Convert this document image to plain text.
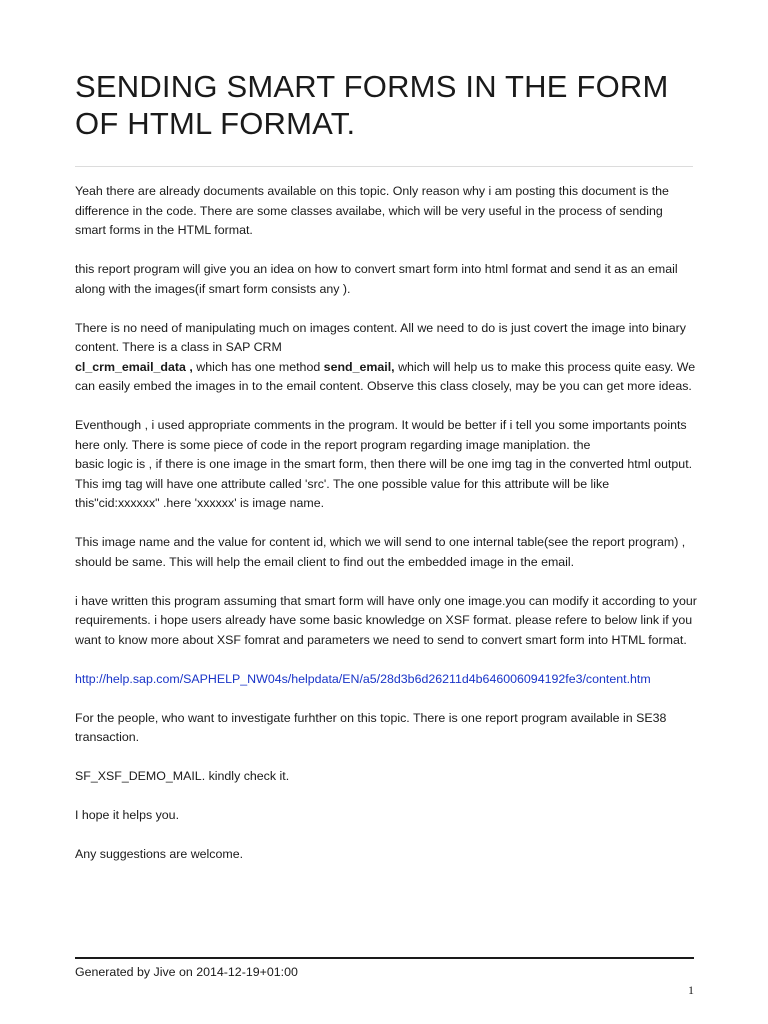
SENDING SMART FORMS IN THE FORM OF HTML FORMAT.

Yeah there are already documents available on this topic. Only reason why i am posting this document is the difference in the code. There are some classes availabe, which will be very useful in the process of sending smart forms in the HTML format.

this report program will give you an idea on how to convert smart form into html format and send it as an email along with the images(if smart form consists any ).

There is no need of manipulating much on images content. All we need to do is just covert the image into binary content. There is a class in SAP CRM
cl_crm_email_data , which has one method send_email, which will help us to make this process quite easy. We can easily embed the images in to the email content. Observe this class closely, may be you can get more ideas.

Eventhough , i used appropriate comments in the program. It would be better if i tell you some importants points here only. There is some piece of code in the report program regarding image maniplation. the
basic logic is , if there is one image in the smart form, then there will be one img tag in the converted html output. This img tag will have one attribute called 'src'. The one possible value for this attribute will be like this"cid:xxxxxx" .here 'xxxxxx' is image name.

This image name and the value for content id, which we will send to one internal table(see the report program) , should be same. This will help the email client to find out the embedded image in the email.

i have written this program assuming that smart form will have only one image.you can modify it according to your requirements. i hope users already have some basic knowledge on XSF format. please refere to below link if you want to know more about XSF fomrat and parameters we need to send to convert smart form into HTML format.

http://help.sap.com/SAPHELP_NW04s/helpdata/EN/a5/28d3b6d26211d4b646006094192fe3/content.htm

For the people, who want to investigate furhther on this topic. There is one report program available in SE38 transaction.

SF_XSF_DEMO_MAIL. kindly check it.

I hope it helps you.

Any suggestions are welcome.

Generated by Jive on 2014-12-19+01:00
1
